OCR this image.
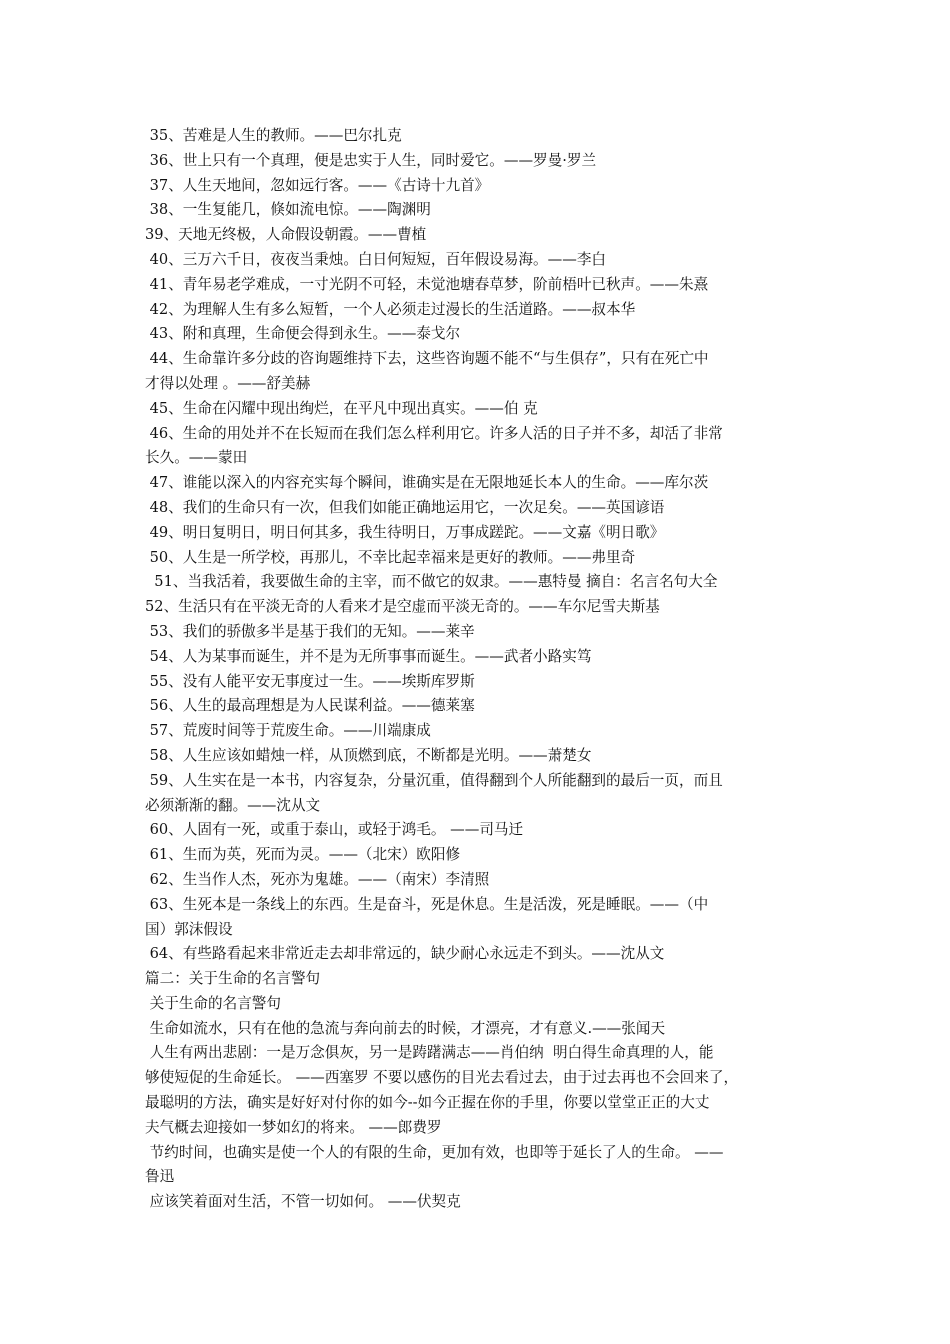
35、苦难是人生的教师。——巴尔扎克
36、世上只有一个真理，便是忠实于人生，同时爱它。——罗曼·罗兰
37、人生天地间，忽如远行客。——《古诗十九首》
38、一生复能几，倏如流电惊。——陶渊明
39、天地无终极，人命假设朝霞。——曹植
40、三万六千日，夜夜当秉烛。白日何短短，百年假设易海。——李白
41、青年易老学难成，一寸光阴不可轻，未觉池塘春草梦，阶前梧叶已秋声。——朱熹
42、为理解人生有多么短暂，一个人必须走过漫长的生活道路。——叔本华
43、附和真理，生命便会得到永生。——泰戈尔
44、生命靠许多分歧的咨询题维持下去，这些咨询题不能不“与生俱存”，只有在死亡中
才得以处理 。——舒美赫
45、生命在闪耀中现出绚烂，在平凡中现出真实。——伯 克
46、生命的用处并不在长短而在我们怎么样利用它。许多人活的日子并不多，却活了非常
长久。——蒙田
47、谁能以深入的内容充实每个瞬间，谁确实是在无限地延长本人的生命。——库尔茨
48、我们的生命只有一次，但我们如能正确地运用它，一次足矣。——英国谚语
49、明日复明日，明日何其多，我生待明日，万事成蹉跎。——文嘉《明日歌》
50、人生是一所学校，再那儿，不幸比起幸福来是更好的教师。——弗里奇
51、当我活着，我要做生命的主宰，而不做它的奴隶。——惠特曼 摘自：名言名句大全
52、生活只有在平淡无奇的人看来才是空虚而平淡无奇的。——车尔尼雪夫斯基
53、我们的骄傲多半是基于我们的无知。——莱辛
54、人为某事而诞生，并不是为无所事事而诞生。——武者小路实笃
55、没有人能平安无事度过一生。——埃斯库罗斯
56、人生的最高理想是为人民谋利益。——德莱塞
57、荒废时间等于荒废生命。——川端康成
58、人生应该如蜡烛一样，从顶燃到底，不断都是光明。——萧楚女
59、人生实在是一本书，内容复杂，分量沉重，值得翻到个人所能翻到的最后一页，而且
必须渐渐的翻。——沈从文
60、人固有一死，或重于泰山，或轻于鸿毛。 ——司马迁
61、生而为英，死而为灵。——（北宋）欧阳修
62、生当作人杰，死亦为鬼雄。——（南宋）李清照
63、生死本是一条线上的东西。生是奋斗，死是休息。生是活泼，死是睡眠。——（中
国）郭沫假设
64、有些路看起来非常近走去却非常远的，缺少耐心永远走不到头。——沈从文
篇二：关于生命的名言警句
关于生命的名言警句
生命如流水，只有在他的急流与奔向前去的时候，才漂亮，才有意义.——张闻天
人生有两出悲剧：一是万念俱灰，另一是踌躇满志——肖伯纳  明白得生命真理的人，能
够使短促的生命延长。 ——西塞罗 不要以感伤的目光去看过去，由于过去再也不会回来了，
最聪明的方法，确实是好好对付你的如今--如今正握在你的手里，你要以堂堂正正的大丈
夫气概去迎接如一梦如幻的将来。 ——郎费罗
节约时间，也确实是使一个人的有限的生命，更加有效，也即等于延长了人的生命。 ——
鲁迅
应该笑着面对生活，不管一切如何。 ——伏契克
